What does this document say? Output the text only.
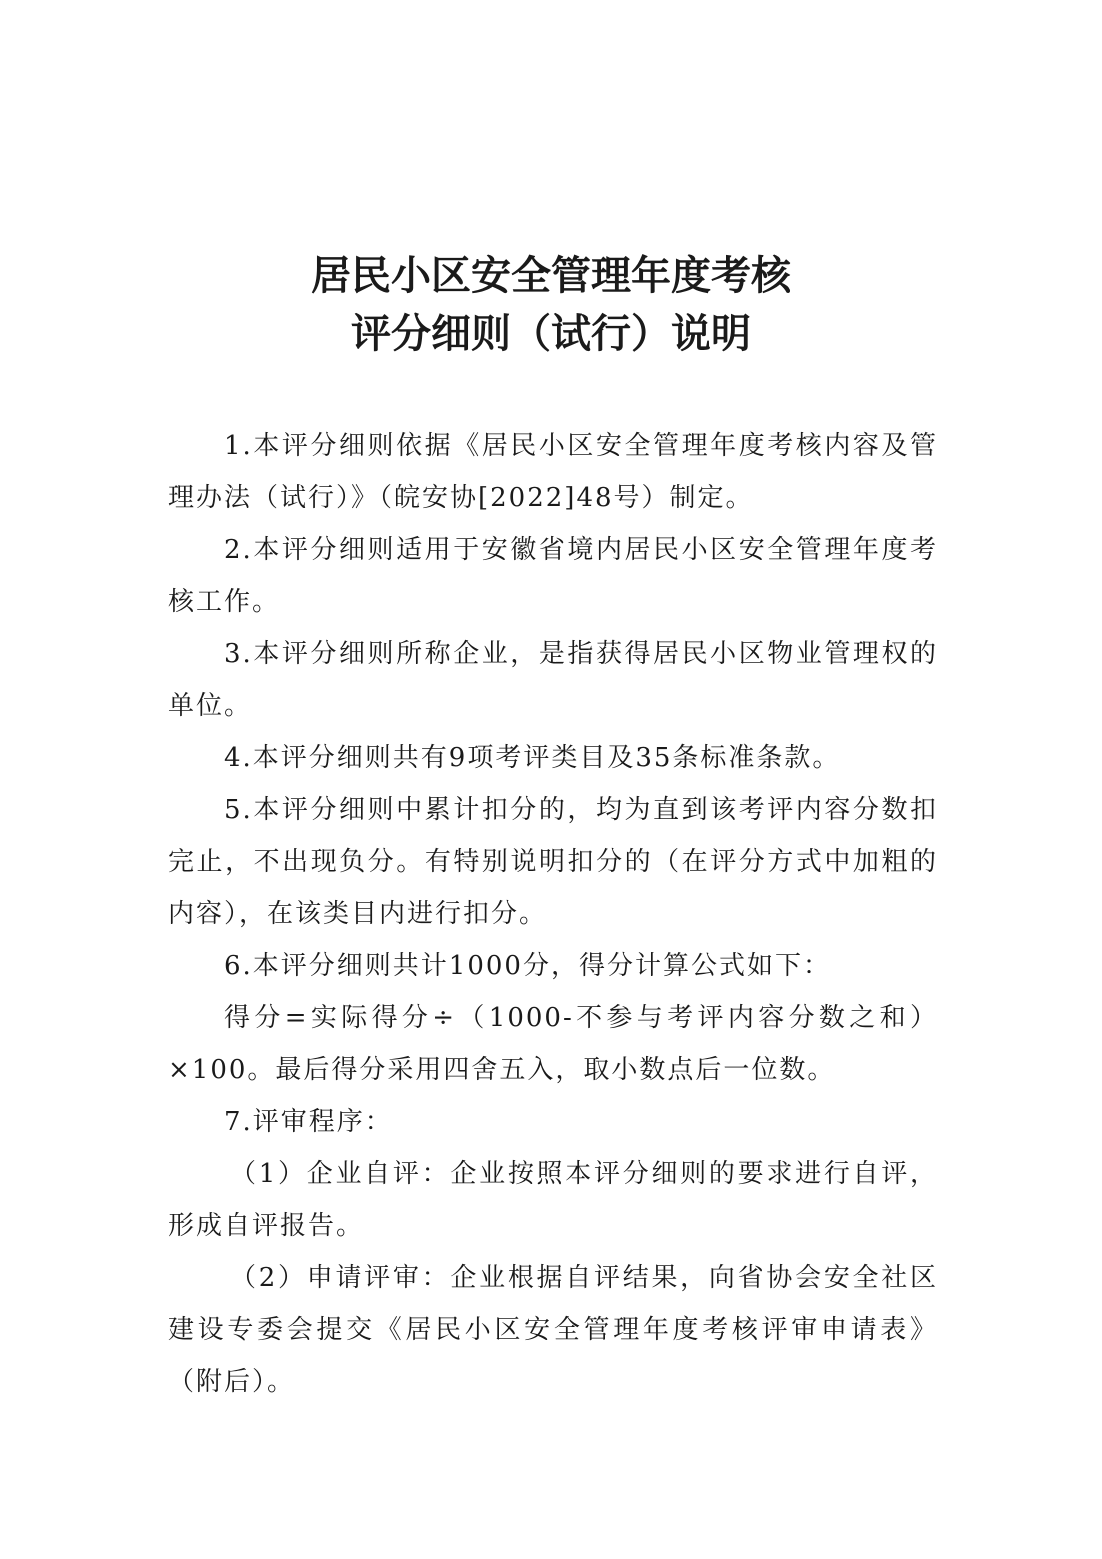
居民小区安全管理年度考核
评分细则（试行）说明

1.本评分细则依据《居民小区安全管理年度考核内容及管理办法（试行）》（皖安协[2022]48号）制定。

2.本评分细则适用于安徽省境内居民小区安全管理年度考核工作。

3.本评分细则所称企业，是指获得居民小区物业管理权的单位。

4.本评分细则共有9项考评类目及35条标准条款。

5.本评分细则中累计扣分的，均为直到该考评内容分数扣完止，不出现负分。有特别说明扣分的（在评分方式中加粗的内容），在该类目内进行扣分。

6.本评分细则共计1000分，得分计算公式如下：

得分=实际得分÷（1000-不参与考评内容分数之和）×100。最后得分采用四舍五入，取小数点后一位数。

7.评审程序：

（1）企业自评：企业按照本评分细则的要求进行自评，形成自评报告。

（2）申请评审：企业根据自评结果，向省协会安全社区建设专委会提交《居民小区安全管理年度考核评审申请表》（附后）。
